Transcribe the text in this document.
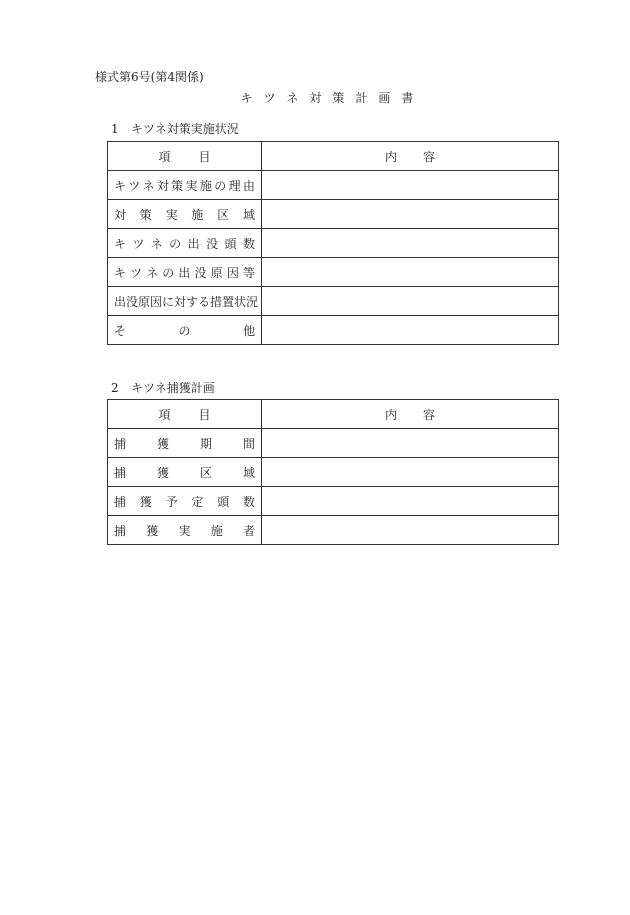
様式第6号(第4関係)
キツネ対策計画書
1 キツネ対策実施状況
項目	内容
キツネ対策実施の理由	
対策実施区域	
キツネの出没頭数	
キツネの出没原因等	
出没原因に対する措置状況	
その他	
2 キツネ捕獲計画
項目	内容
捕獲期間	
捕獲区域	
捕獲予定頭数	
捕獲実施者	
